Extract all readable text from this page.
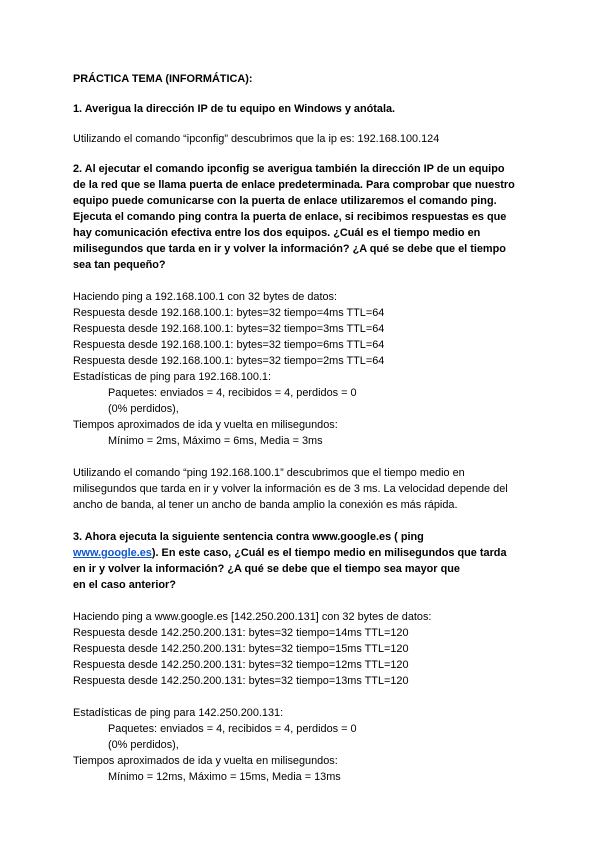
PRÁCTICA TEMA (INFORMÁTICA):
1. Averigua la dirección IP de tu equipo en Windows y anótala.
Utilizando el comando “ipconfig” descubrimos que la ip es: 192.168.100.124
2. Al ejecutar el comando ipconfig se averigua también la dirección IP de un equipo
de la red que se llama puerta de enlace predeterminada. Para comprobar que nuestro
equipo puede comunicarse con la puerta de enlace utilizaremos el comando ping.
Ejecuta el comando ping contra la puerta de enlace, si recibimos respuestas es que
hay comunicación efectiva entre los dos equipos. ¿Cuál es el tiempo medio en
milisegundos que tarda en ir y volver la información? ¿A qué se debe que el tiempo
sea tan pequeño?
Haciendo ping a 192.168.100.1 con 32 bytes de datos:
Respuesta desde 192.168.100.1: bytes=32 tiempo=4ms TTL=64
Respuesta desde 192.168.100.1: bytes=32 tiempo=3ms TTL=64
Respuesta desde 192.168.100.1: bytes=32 tiempo=6ms TTL=64
Respuesta desde 192.168.100.1: bytes=32 tiempo=2ms TTL=64
Estadísticas de ping para 192.168.100.1:
Paquetes: enviados = 4, recibidos = 4, perdidos = 0
(0% perdidos),
Tiempos aproximados de ida y vuelta en milisegundos:
Mínimo = 2ms, Máximo = 6ms, Media = 3ms
Utilizando el comando “ping 192.168.100.1” descubrimos que el tiempo medio en
milisegundos que tarda en ir y volver la información es de 3 ms. La velocidad depende del
ancho de banda, al tener un ancho de banda amplio la conexión es más rápida.
3. Ahora ejecuta la siguiente sentencia contra www.google.es ( ping
www.google.es). En este caso, ¿Cuál es el tiempo medio en milisegundos que tarda
en ir y volver la información? ¿A qué se debe que el tiempo sea mayor que
en el caso anterior?
Haciendo ping a www.google.es [142.250.200.131] con 32 bytes de datos:
Respuesta desde 142.250.200.131: bytes=32 tiempo=14ms TTL=120
Respuesta desde 142.250.200.131: bytes=32 tiempo=15ms TTL=120
Respuesta desde 142.250.200.131: bytes=32 tiempo=12ms TTL=120
Respuesta desde 142.250.200.131: bytes=32 tiempo=13ms TTL=120
Estadísticas de ping para 142.250.200.131:
Paquetes: enviados = 4, recibidos = 4, perdidos = 0
(0% perdidos),
Tiempos aproximados de ida y vuelta en milisegundos:
Mínimo = 12ms, Máximo = 15ms, Media = 13ms
